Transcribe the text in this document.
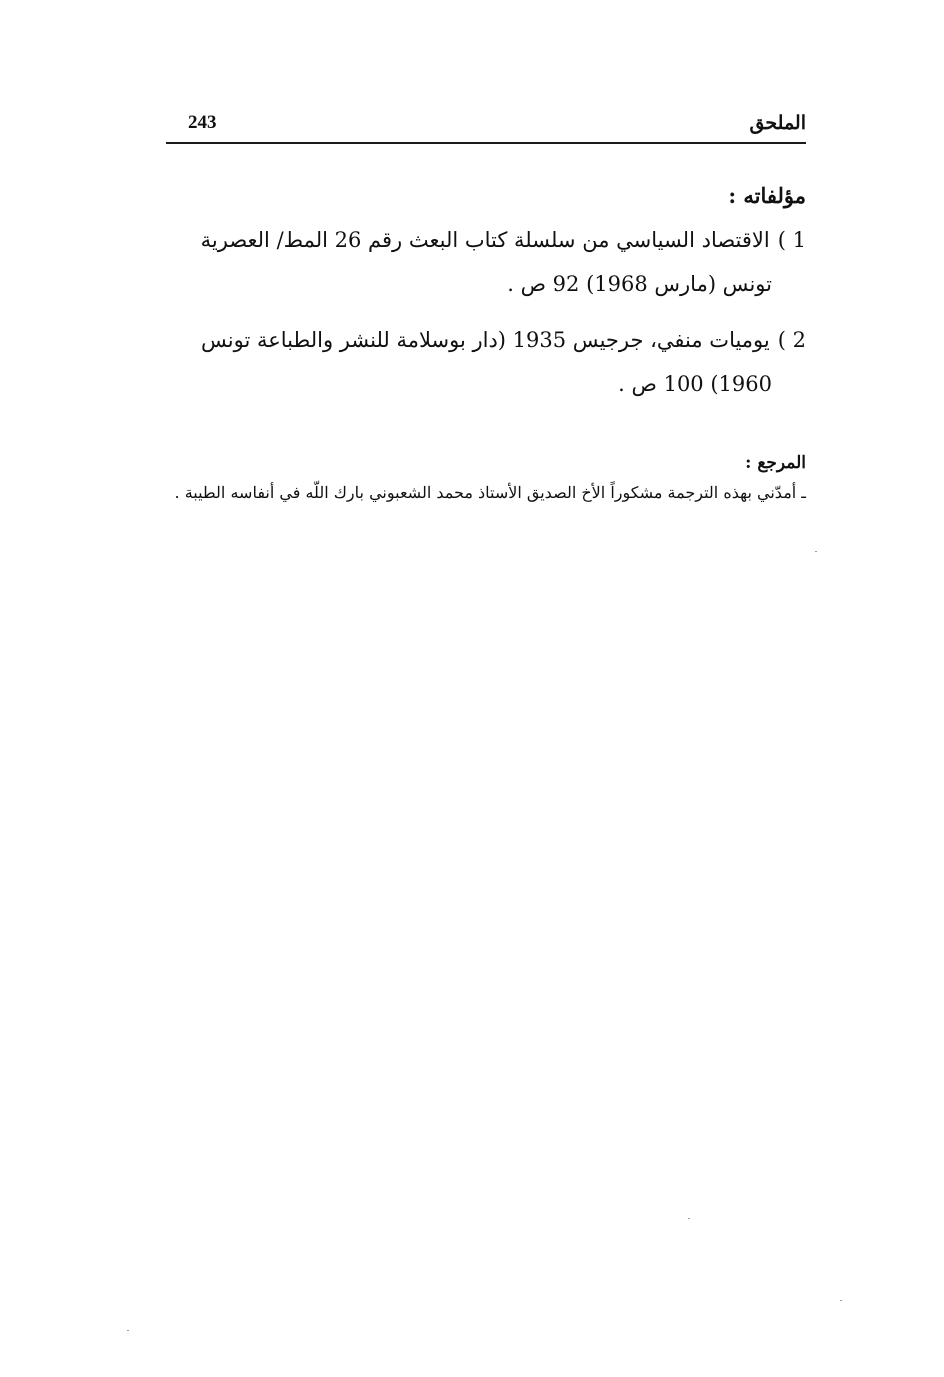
243	الملحق
مؤلفاته :
1 )الاقتصاد السياسي من سلسلة كتاب البعث رقم 26 المط/ العصرية
تونس (مارس 1968) 92 ص .
2 )يوميات منفي، جرجيس 1935 (دار بوسلامة للنشر والطباعة تونس
1960) 100 ص .
المرجع :
ـ أمدّني بهذه الترجمة مشكوراً الأخ الصديق الأستاذ محمد الشعبوني بارك اللّه في أنفاسه الطيبة .
